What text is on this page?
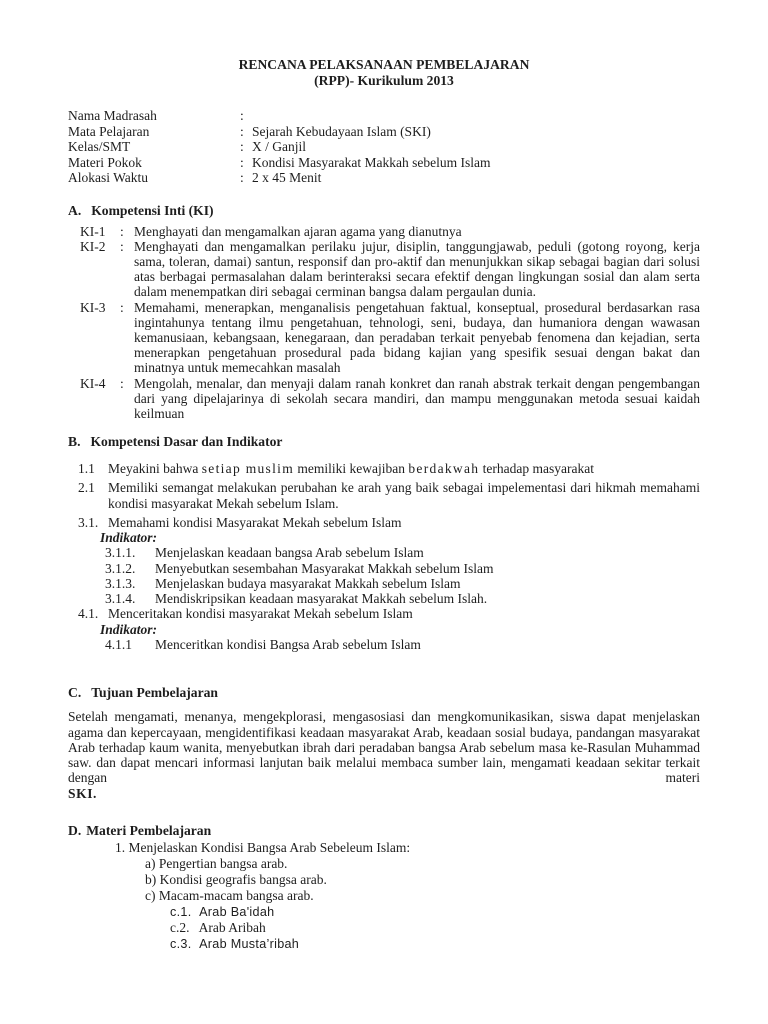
RENCANA PELAKSANAAN PEMBELAJARAN
(RPP)- Kurikulum 2013
Nama Madrasah	:
Mata Pelajaran	: Sejarah Kebudayaan Islam (SKI)
Kelas/SMT	: X / Ganjil
Materi Pokok	: Kondisi Masyarakat Makkah sebelum Islam
Alokasi Waktu	: 2 x 45 Menit
A. Kompetensi Inti (KI)
KI-1	: Menghayati dan mengamalkan ajaran agama yang dianutnya
KI-2	: Menghayati dan mengamalkan perilaku jujur, disiplin, tanggungjawab, peduli (gotong royong, kerja sama, toleran, damai) santun, responsif dan pro-aktif dan menunjukkan sikap sebagai bagian dari solusi atas berbagai permasalahan dalam berinteraksi secara efektif dengan lingkungan sosial dan alam serta dalam menempatkan diri sebagai cerminan bangsa dalam pergaulan dunia.
KI-3	: Memahami, menerapkan, menganalisis pengetahuan faktual, konseptual, prosedural berdasarkan rasa ingintahunya tentang ilmu pengetahuan, tehnologi, seni, budaya, dan humaniora dengan wawasan kemanusiaan, kebangsaan, kenegaraan, dan peradaban terkait penyebab fenomena dan kejadian, serta menerapkan pengetahuan prosedural pada bidang kajian yang spesifik sesuai dengan bakat dan minatnya untuk memecahkan masalah
KI-4	: Mengolah, menalar, dan menyaji dalam ranah konkret dan ranah abstrak terkait dengan pengembangan dari yang dipelajarinya di sekolah secara mandiri, dan mampu menggunakan metoda sesuai kaidah keilmuan
B. Kompetensi Dasar dan Indikator
1.1 Meyakini bahwa setiap muslim memiliki kewajiban berdakwah terhadap masyarakat
2.1 Memiliki semangat melakukan perubahan ke arah yang baik sebagai impelementasi dari hikmah memahami kondisi masyarakat Mekah sebelum Islam.
3.1. Memahami kondisi Masyarakat Mekah sebelum Islam
Indikator:
3.1.1.	Menjelaskan keadaan bangsa Arab sebelum Islam
3.1.2.	Menyebutkan sesembahan Masyarakat Makkah sebelum Islam
3.1.3.	Menjelaskan budaya masyarakat Makkah sebelum Islam
3.1.4.	Mendiskripsikan keadaan masyarakat Makkah sebelum Islah.
4.1. Menceritakan kondisi masyarakat Mekah sebelum Islam
Indikator:
4.1.1	Menceritkan kondisi Bangsa Arab sebelum Islam
C. Tujuan Pembelajaran
Setelah mengamati, menanya, mengekplorasi, mengasosiasi dan mengkomunikasikan, siswa dapat menjelaskan agama dan kepercayaan, mengidentifikasi keadaan masyarakat Arab, keadaan sosial budaya, pandangan masyarakat Arab terhadap kaum wanita, menyebutkan ibrah dari peradaban bangsa Arab sebelum masa ke-Rasulan Muhammad saw. dan dapat mencari informasi lanjutan baik melalui membaca sumber lain, mengamati keadaan sekitar terkait dengan materi
SKI.
D. Materi Pembelajaran
1. Menjelaskan Kondisi Bangsa Arab Sebeleum Islam:
a) Pengertian bangsa arab.
b) Kondisi geografis bangsa arab.
c) Macam-macam bangsa arab.
c.1. Arab Ba'idah
c.2. Arab Aribah
c.3. Arab Musta’ribah
